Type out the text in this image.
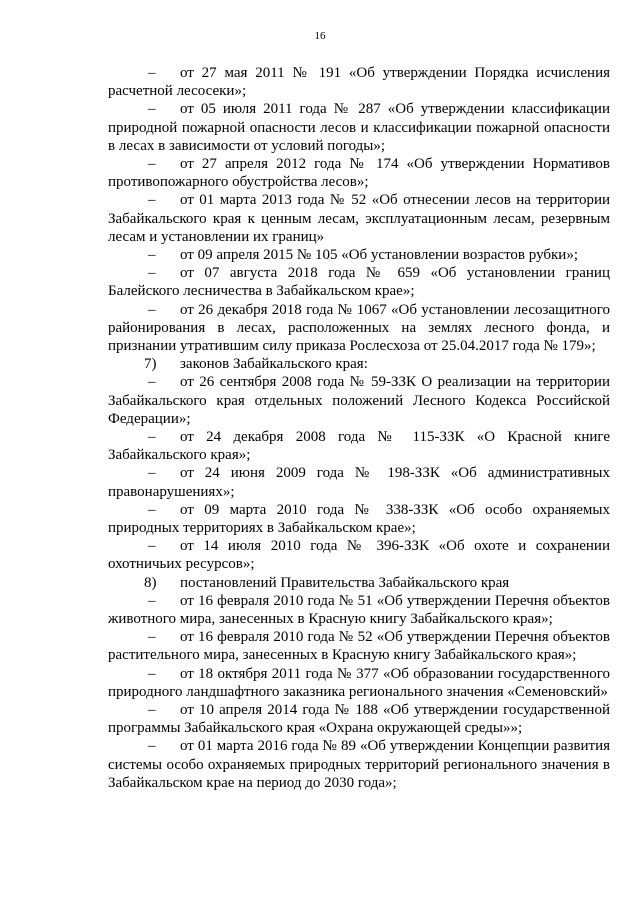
16

– от 27 мая 2011 № 191 «Об утверждении Порядка исчисления расчетной лесосеки»;

– от 05 июля 2011 года № 287 «Об утверждении классификации природной пожарной опасности лесов и классификации пожарной опасности в лесах в зависимости от условий погоды»;

– от 27 апреля 2012 года № 174 «Об утверждении Нормативов противопожарного обустройства лесов»;

– от 01 марта 2013 года № 52 «Об отнесении лесов на территории Забайкальского края к ценным лесам, эксплуатационным лесам, резервным лесам и установлении их границ»

– от 09 апреля 2015 № 105 «Об установлении возрастов рубки»;

– от 07 августа 2018 года № 659 «Об установлении границ Балейского лесничества в Забайкальском крае»;

– от 26 декабря 2018 года № 1067 «Об установлении лесозащитного районирования в лесах, расположенных на землях лесного фонда, и признании утратившим силу приказа Рослесхоза от 25.04.2017 года № 179»;

7) законов Забайкальского края:

– от 26 сентября 2008 года № 59-ЗЗК О реализации на территории Забайкальского края отдельных положений Лесного Кодекса Российской Федерации»;

– от 24 декабря 2008 года № 115-ЗЗК «О Красной книге Забайкальского края»;

– от 24 июня 2009 года № 198-ЗЗК «Об административных правонарушениях»;

– от 09 марта 2010 года № 338-ЗЗК «Об особо охраняемых природных территориях в Забайкальском крае»;

– от 14 июля 2010 года № 396-ЗЗК «Об охоте и сохранении охотничьих ресурсов»;

8) постановлений Правительства Забайкальского края

– от 16 февраля 2010 года № 51 «Об утверждении Перечня объектов животного мира, занесенных в Красную книгу Забайкальского края»;

– от 16 февраля 2010 года № 52 «Об утверждении Перечня объектов растительного мира, занесенных в Красную книгу Забайкальского края»;

– от 18 октября 2011 года № 377 «Об образовании государственного природного ландшафтного заказника регионального значения «Семеновский»

– от 10 апреля 2014 года № 188 «Об утверждении государственной программы Забайкальского края «Охрана окружающей среды»»;

– от 01 марта 2016 года № 89 «Об утверждении Концепции развития системы особо охраняемых природных территорий регионального значения в Забайкальском крае на период до 2030 года»;
